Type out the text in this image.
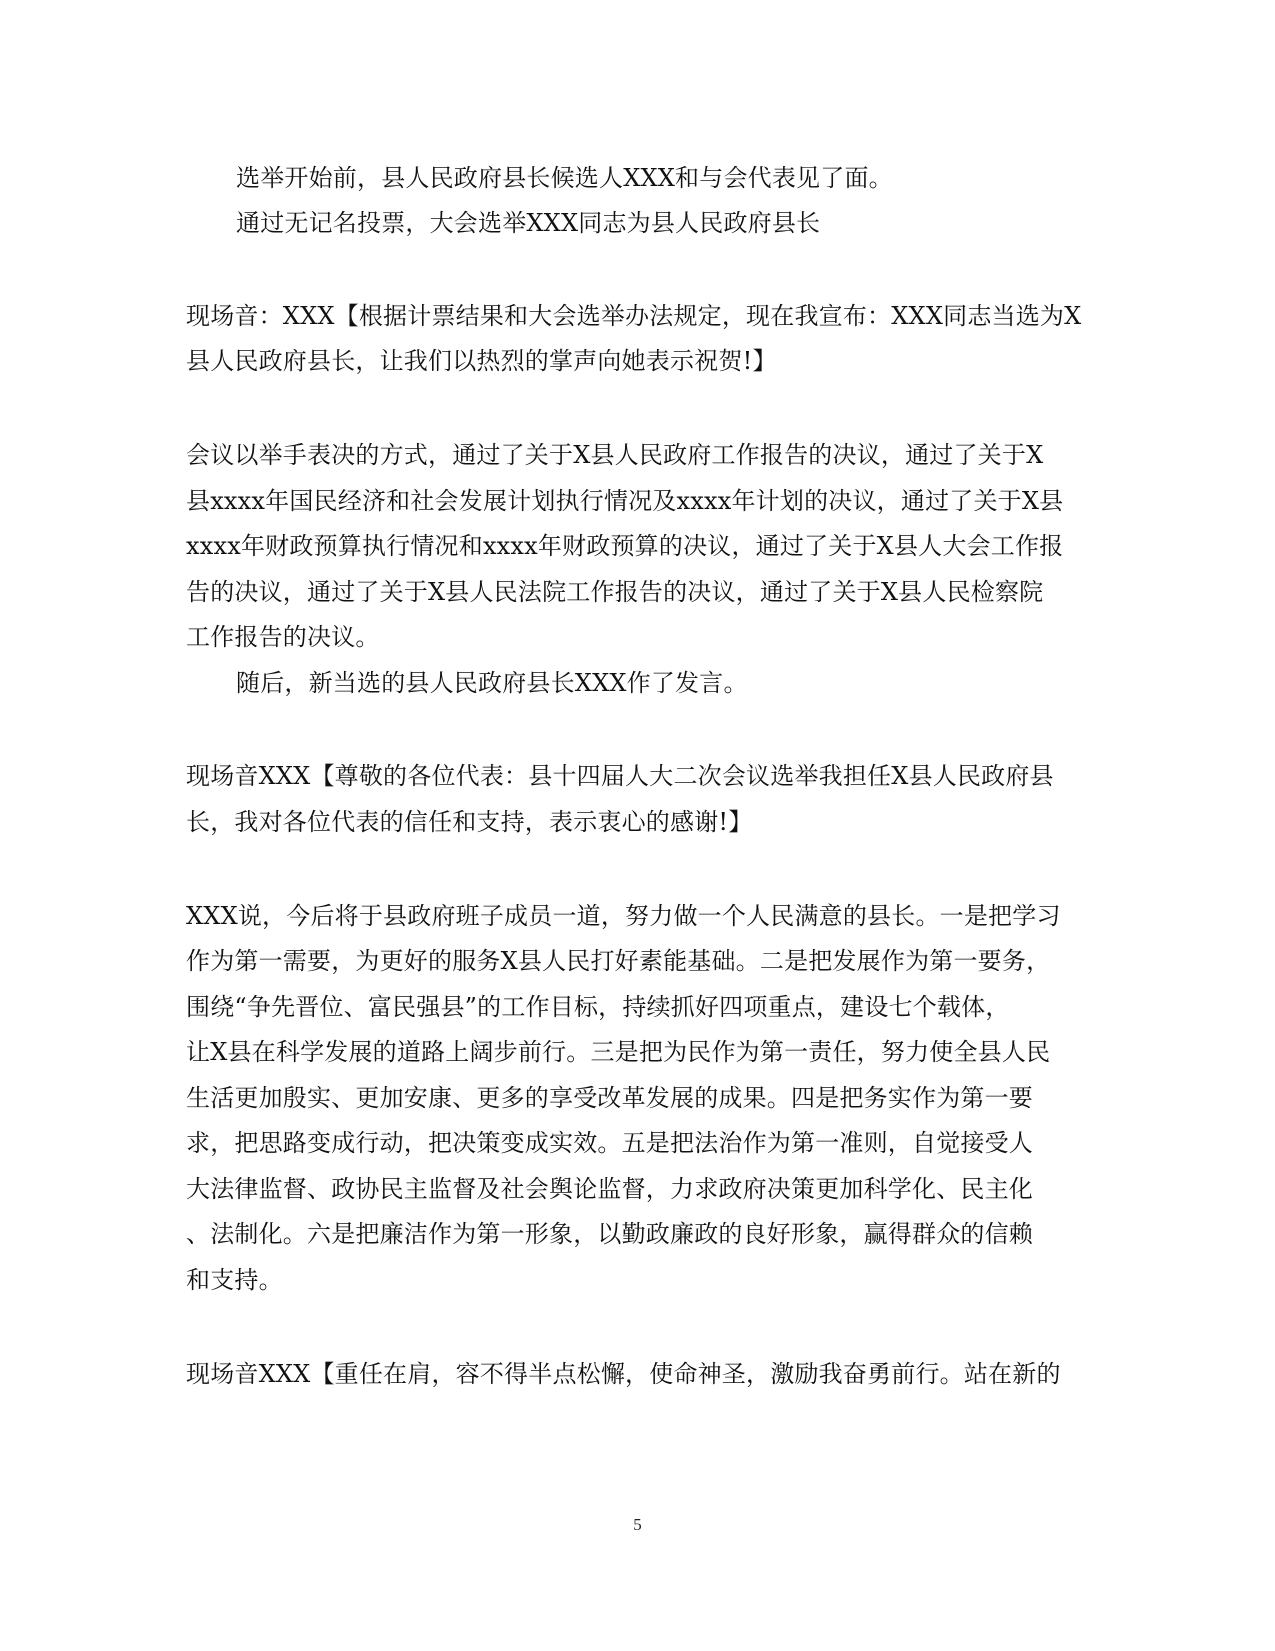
选举开始前，县人民政府县长候选人XXX和与会代表见了面。
通过无记名投票，大会选举XXX同志为县人民政府县长
现场音：XXX【根据计票结果和大会选举办法规定，现在我宣布：XXX同志当选为X
县人民政府县长，让我们以热烈的掌声向她表示祝贺!】
会议以举手表决的方式，通过了关于X县人民政府工作报告的决议，通过了关于X
县xxxx年国民经济和社会发展计划执行情况及xxxx年计划的决议，通过了关于X县
xxxx年财政预算执行情况和xxxx年财政预算的决议，通过了关于X县人大会工作报
告的决议，通过了关于X县人民法院工作报告的决议，通过了关于X县人民检察院
工作报告的决议。
随后，新当选的县人民政府县长XXX作了发言。
现场音XXX【尊敬的各位代表：县十四届人大二次会议选举我担任X县人民政府县
长，我对各位代表的信任和支持，表示衷心的感谢!】
XXX说，今后将于县政府班子成员一道，努力做一个人民满意的县长。一是把学习
作为第一需要，为更好的服务X县人民打好素能基础。二是把发展作为第一要务，
围绕“争先晋位、富民强县”的工作目标，持续抓好四项重点，建设七个载体，
让X县在科学发展的道路上阔步前行。三是把为民作为第一责任，努力使全县人民
生活更加殷实、更加安康、更多的享受改革发展的成果。四是把务实作为第一要
求，把思路变成行动，把决策变成实效。五是把法治作为第一准则，自觉接受人
大法律监督、政协民主监督及社会舆论监督，力求政府决策更加科学化、民主化
、法制化。六是把廉洁作为第一形象，以勤政廉政的良好形象，赢得群众的信赖
和支持。
现场音XXX【重任在肩，容不得半点松懈，使命神圣，激励我奋勇前行。站在新的
5
